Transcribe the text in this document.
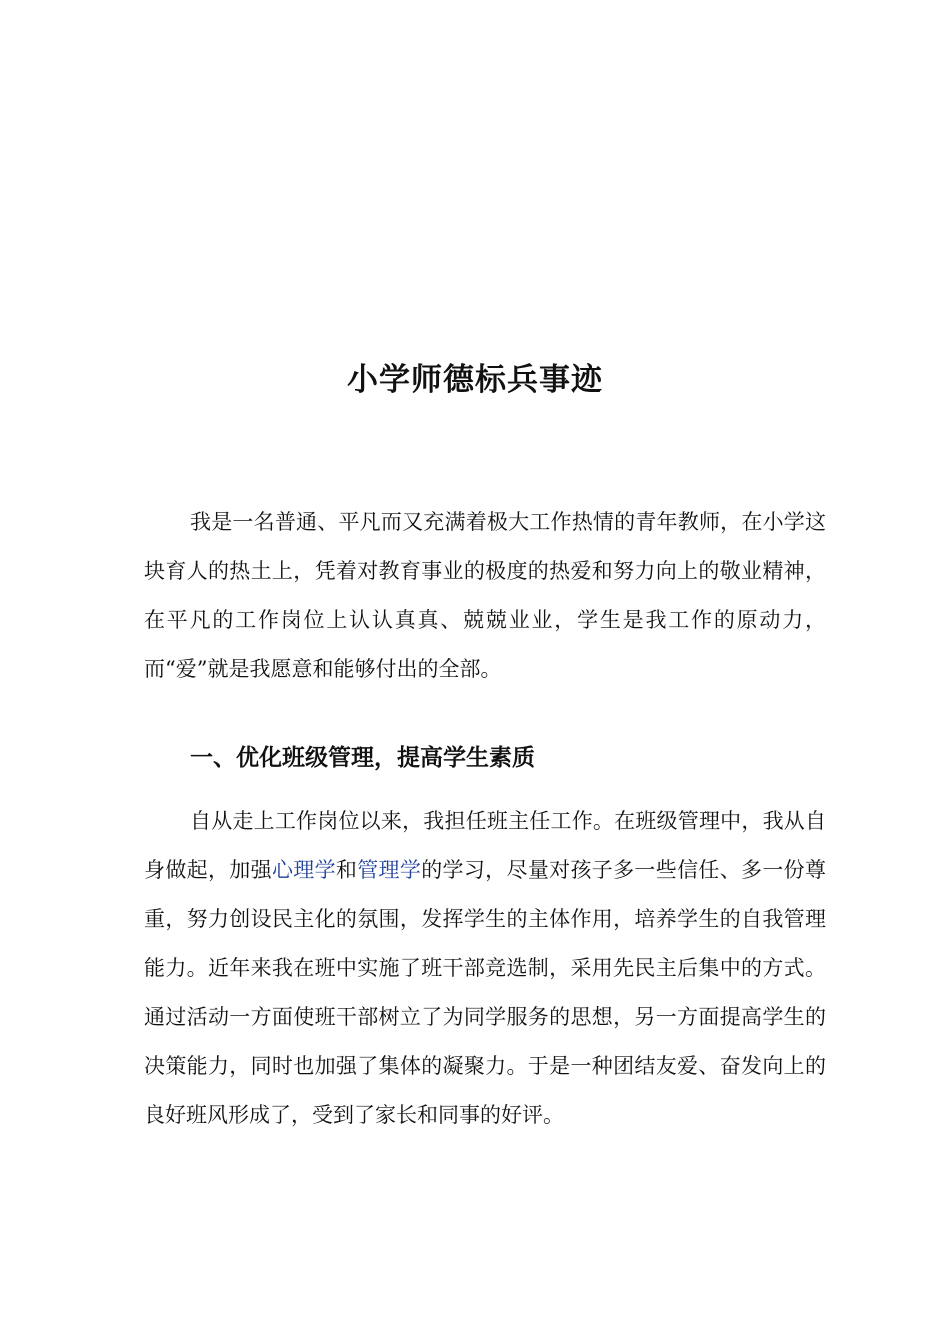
小学师德标兵事迹

我是一名普通、平凡而又充满着极大工作热情的青年教师，在小学这块育人的热土上，凭着对教育事业的极度的热爱和努力向上的敬业精神，在平凡的工作岗位上认认真真、兢兢业业，学生是我工作的原动力，而“爱”就是我愿意和能够付出的全部。

一、优化班级管理，提高学生素质

自从走上工作岗位以来，我担任班主任工作。在班级管理中，我从自身做起，加强心理学和管理学的学习，尽量对孩子多一些信任、多一份尊重，努力创设民主化的氛围，发挥学生的主体作用，培养学生的自我管理能力。近年来我在班中实施了班干部竞选制，采用先民主后集中的方式。通过活动一方面使班干部树立了为同学服务的思想，另一方面提高学生的决策能力，同时也加强了集体的凝聚力。于是一种团结友爱、奋发向上的良好班风形成了，受到了家长和同事的好评。
